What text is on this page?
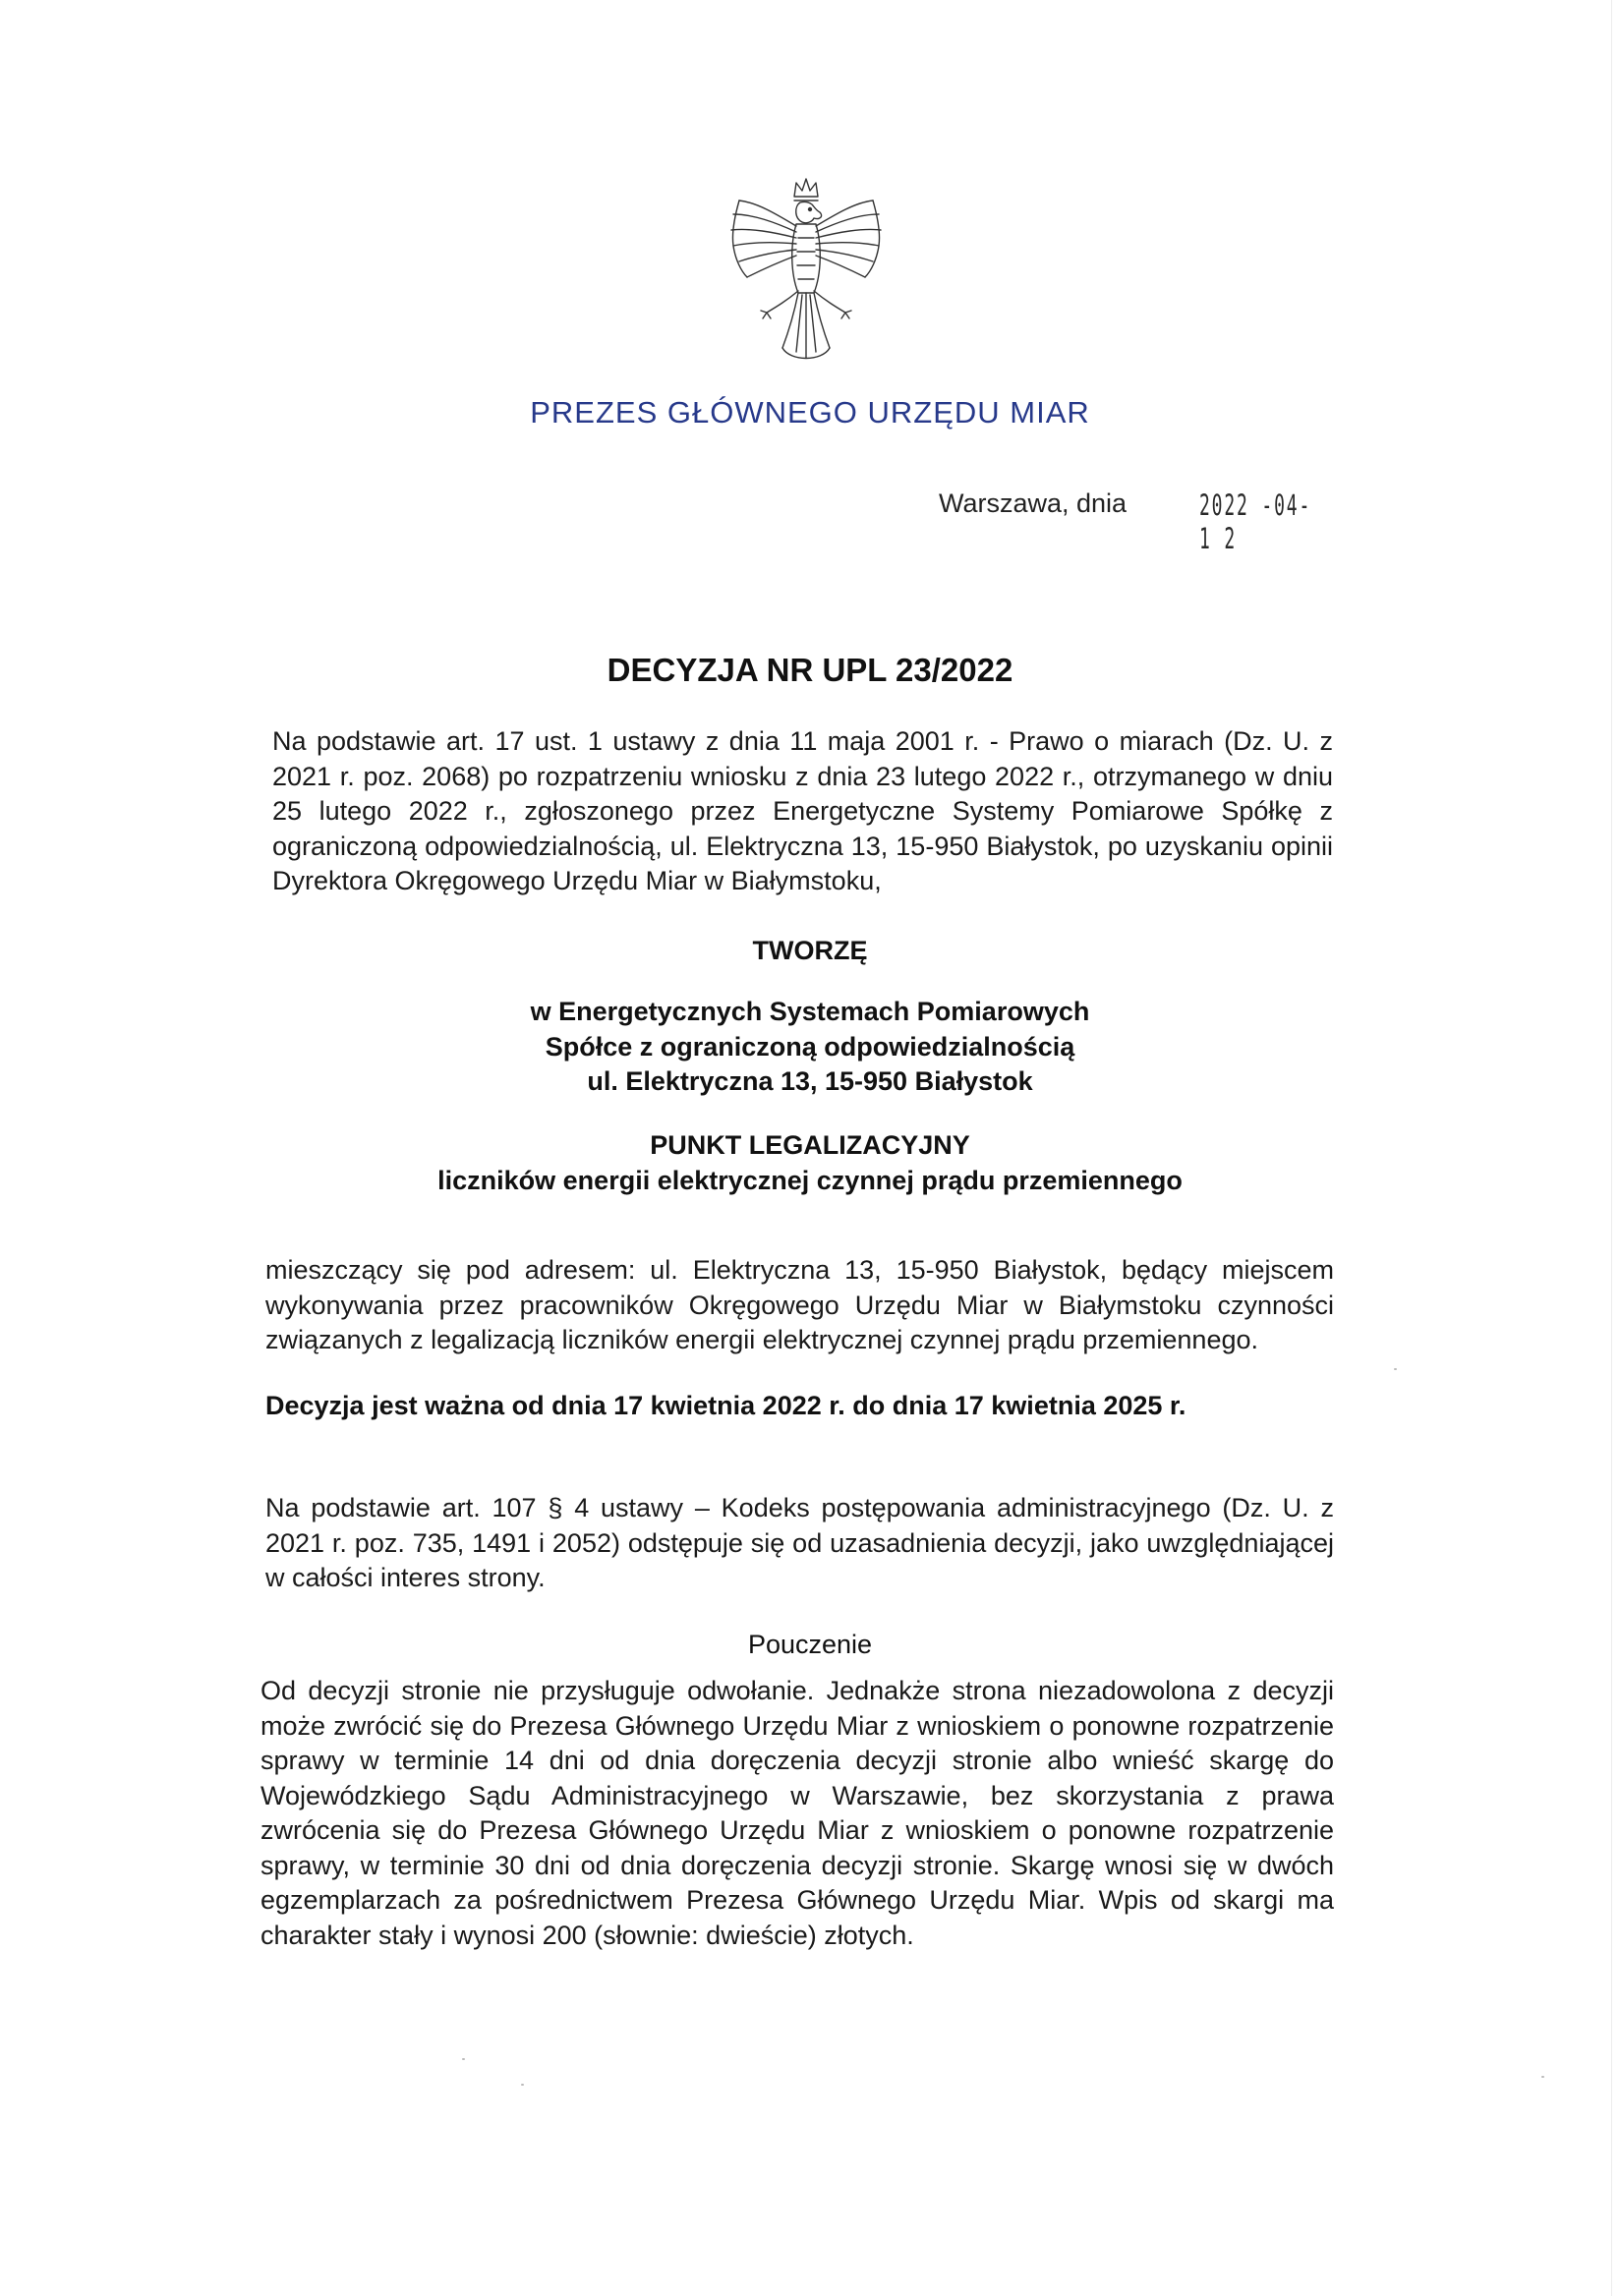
PREZES GŁÓWNEGO URZĘDU MIAR
Warszawa, dnia	2022 -04- 1 2
DECYZJA NR UPL 23/2022
Na podstawie art. 17 ust. 1 ustawy z dnia 11 maja 2001 r. - Prawo o miarach (Dz. U. z 2021 r. poz. 2068) po rozpatrzeniu wniosku z dnia 23 lutego 2022 r., otrzymanego w dniu 25 lutego 2022 r., zgłoszonego przez Energetyczne Systemy Pomiarowe Spółkę z ograniczoną odpowiedzialnością, ul. Elektryczna 13, 15-950 Białystok, po uzyskaniu opinii Dyrektora Okręgowego Urzędu Miar w Białymstoku,
TWORZĘ
w Energetycznych Systemach Pomiarowych
Spółce z ograniczoną odpowiedzialnością
ul. Elektryczna 13, 15-950 Białystok
PUNKT LEGALIZACYJNY
liczników energii elektrycznej czynnej prądu przemiennego
mieszczący się pod adresem: ul. Elektryczna 13, 15-950 Białystok, będący miejscem wykonywania przez pracowników Okręgowego Urzędu Miar w Białymstoku czynności związanych z legalizacją liczników energii elektrycznej czynnej prądu przemiennego.
Decyzja jest ważna od dnia 17 kwietnia 2022 r. do dnia 17 kwietnia 2025 r.
Na podstawie art. 107 § 4 ustawy – Kodeks postępowania administracyjnego (Dz. U. z 2021 r. poz. 735, 1491 i 2052) odstępuje się od uzasadnienia decyzji, jako uwzględniającej w całości interes strony.
Pouczenie
Od decyzji stronie nie przysługuje odwołanie. Jednakże strona niezadowolona z decyzji może zwrócić się do Prezesa Głównego Urzędu Miar z wnioskiem o ponowne rozpatrzenie sprawy w terminie 14 dni od dnia doręczenia decyzji stronie albo wnieść skargę do Wojewódzkiego Sądu Administracyjnego w Warszawie, bez skorzystania z prawa zwrócenia się do Prezesa Głównego Urzędu Miar z wnioskiem o ponowne rozpatrzenie sprawy, w terminie 30 dni od dnia doręczenia decyzji stronie. Skargę wnosi się w dwóch egzemplarzach za pośrednictwem Prezesa Głównego Urzędu Miar. Wpis od skargi ma charakter stały i wynosi 200 (słownie: dwieście) złotych.
